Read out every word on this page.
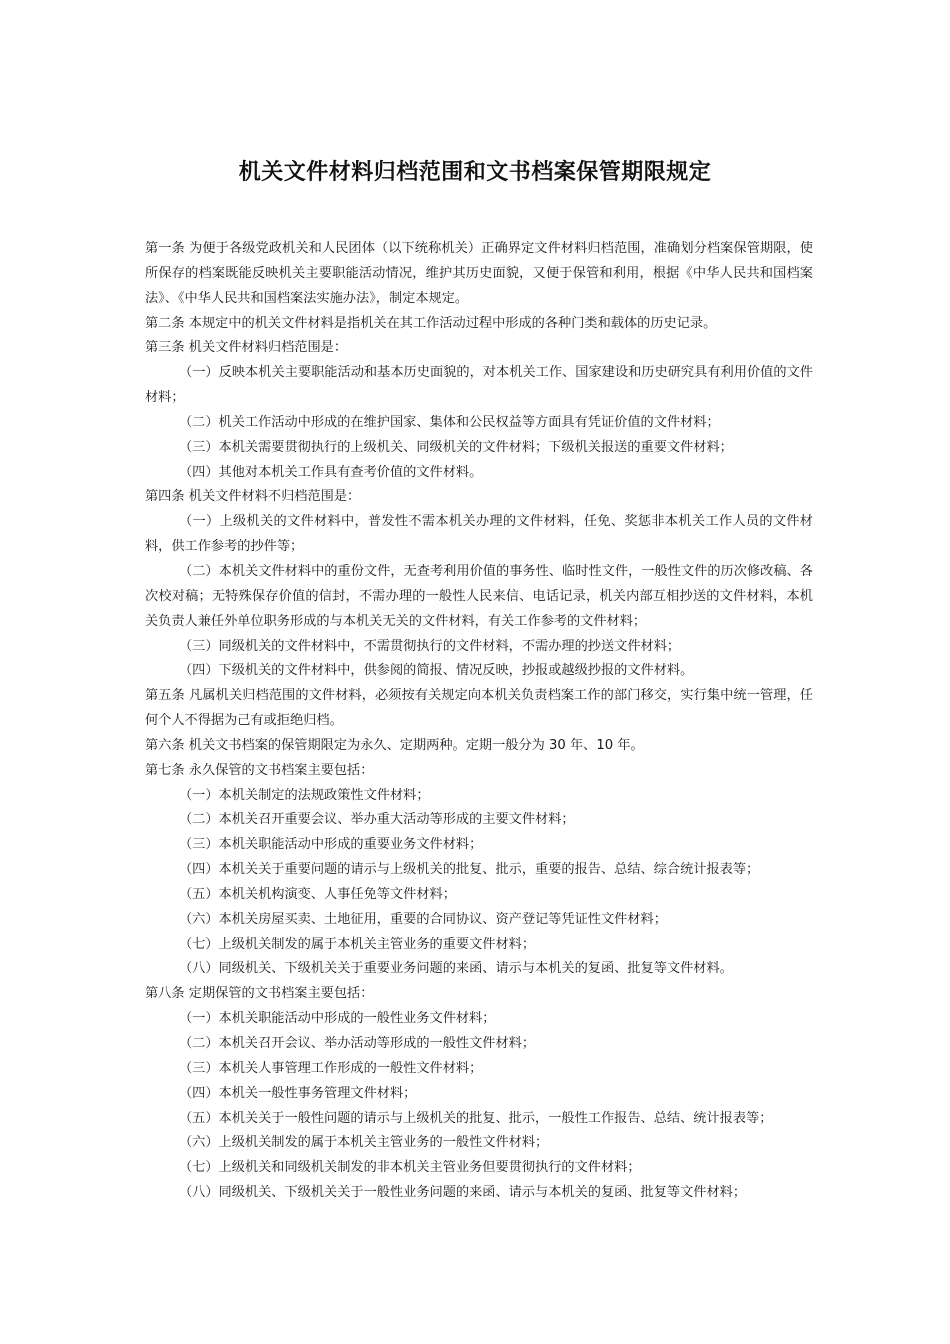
机关文件材料归档范围和文书档案保管期限规定

第一条 为便于各级党政机关和人民团体（以下统称机关）正确界定文件材料归档范围，准确划分档案保管期限，使所保存的档案既能反映机关主要职能活动情况，维护其历史面貌，又便于保管和利用，根据《中华人民共和国档案法》、《中华人民共和国档案法实施办法》，制定本规定。

第二条 本规定中的机关文件材料是指机关在其工作活动过程中形成的各种门类和载体的历史记录。

第三条 机关文件材料归档范围是：

（一）反映本机关主要职能活动和基本历史面貌的，对本机关工作、国家建设和历史研究具有利用价值的文件材料；

（二）机关工作活动中形成的在维护国家、集体和公民权益等方面具有凭证价值的文件材料；

（三）本机关需要贯彻执行的上级机关、同级机关的文件材料；下级机关报送的重要文件材料；

（四）其他对本机关工作具有查考价值的文件材料。

第四条 机关文件材料不归档范围是：

（一）上级机关的文件材料中，普发性不需本机关办理的文件材料，任免、奖惩非本机关工作人员的文件材料，供工作参考的抄件等；

（二）本机关文件材料中的重份文件，无查考利用价值的事务性、临时性文件，一般性文件的历次修改稿、各次校对稿；无特殊保存价值的信封，不需办理的一般性人民来信、电话记录，机关内部互相抄送的文件材料，本机关负责人兼任外单位职务形成的与本机关无关的文件材料，有关工作参考的文件材料；

（三）同级机关的文件材料中，不需贯彻执行的文件材料，不需办理的抄送文件材料；

（四）下级机关的文件材料中，供参阅的简报、情况反映，抄报或越级抄报的文件材料。

第五条 凡属机关归档范围的文件材料，必须按有关规定向本机关负责档案工作的部门移交，实行集中统一管理，任何个人不得据为己有或拒绝归档。

第六条 机关文书档案的保管期限定为永久、定期两种。定期一般分为 30 年、10 年。

第七条 永久保管的文书档案主要包括：

（一）本机关制定的法规政策性文件材料；

（二）本机关召开重要会议、举办重大活动等形成的主要文件材料；

（三）本机关职能活动中形成的重要业务文件材料；

（四）本机关关于重要问题的请示与上级机关的批复、批示，重要的报告、总结、综合统计报表等；

（五）本机关机构演变、人事任免等文件材料；

（六）本机关房屋买卖、土地征用，重要的合同协议、资产登记等凭证性文件材料；

（七）上级机关制发的属于本机关主管业务的重要文件材料；

（八）同级机关、下级机关关于重要业务问题的来函、请示与本机关的复函、批复等文件材料。

第八条 定期保管的文书档案主要包括：

（一）本机关职能活动中形成的一般性业务文件材料；

（二）本机关召开会议、举办活动等形成的一般性文件材料；

（三）本机关人事管理工作形成的一般性文件材料；

（四）本机关一般性事务管理文件材料；

（五）本机关关于一般性问题的请示与上级机关的批复、批示，一般性工作报告、总结、统计报表等；

（六）上级机关制发的属于本机关主管业务的一般性文件材料；

（七）上级机关和同级机关制发的非本机关主管业务但要贯彻执行的文件材料；

（八）同级机关、下级机关关于一般性业务问题的来函、请示与本机关的复函、批复等文件材料；
